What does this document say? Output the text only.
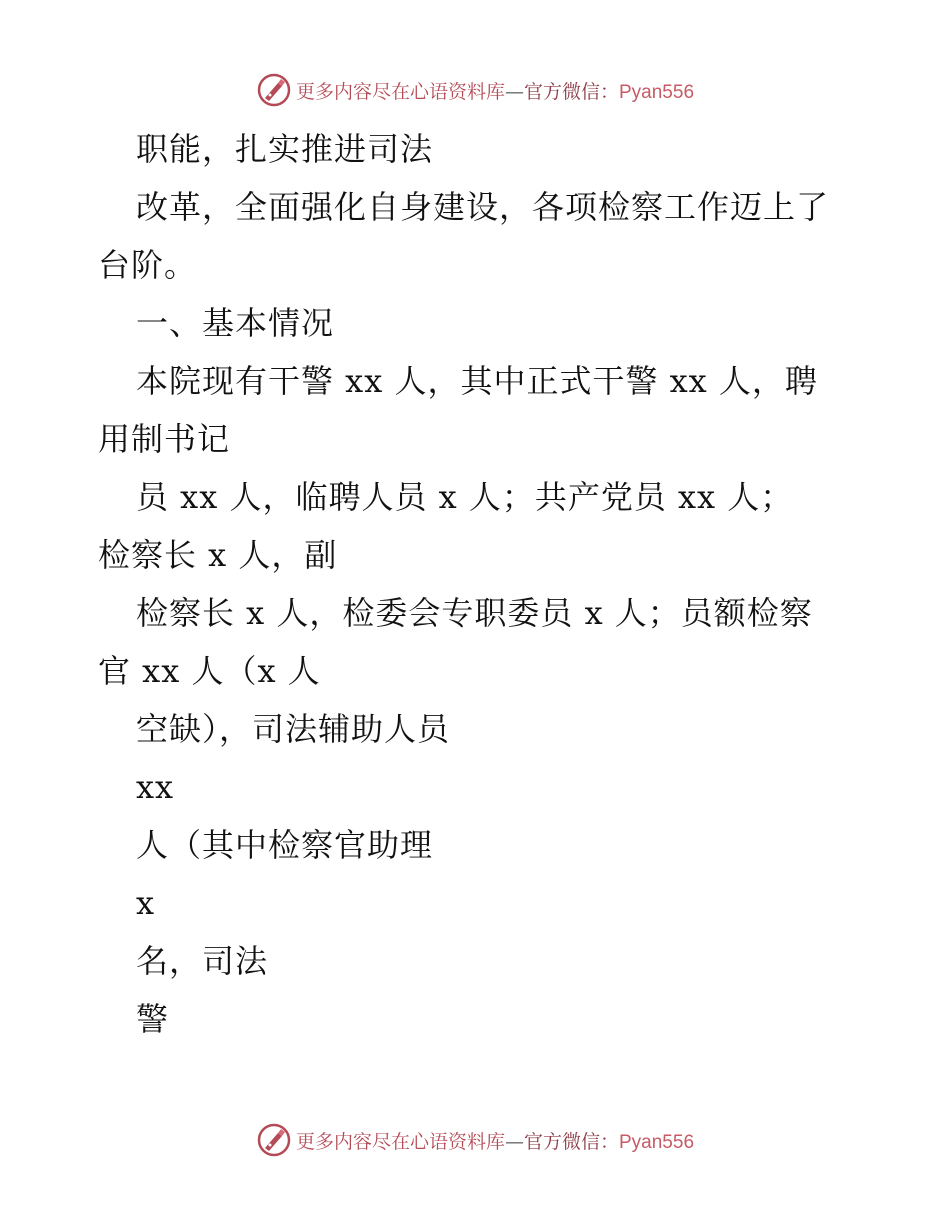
更多内容尽在心语资料库—官方微信：Pyan556
职能，扎实推进司法
改革，全面强化自身建设，各项检察工作迈上了
台阶。
一、基本情况
本院现有干警 xx 人，其中正式干警 xx 人，聘
用制书记
员 xx 人，临聘人员 x 人；共产党员 xx 人；
检察长 x 人，副
检察长 x 人，检委会专职委员 x 人；员额检察
官 xx 人（x 人
空缺），司法辅助人员
xx
人（其中检察官助理
x
名，司法
警
更多内容尽在心语资料库—官方微信：Pyan556
